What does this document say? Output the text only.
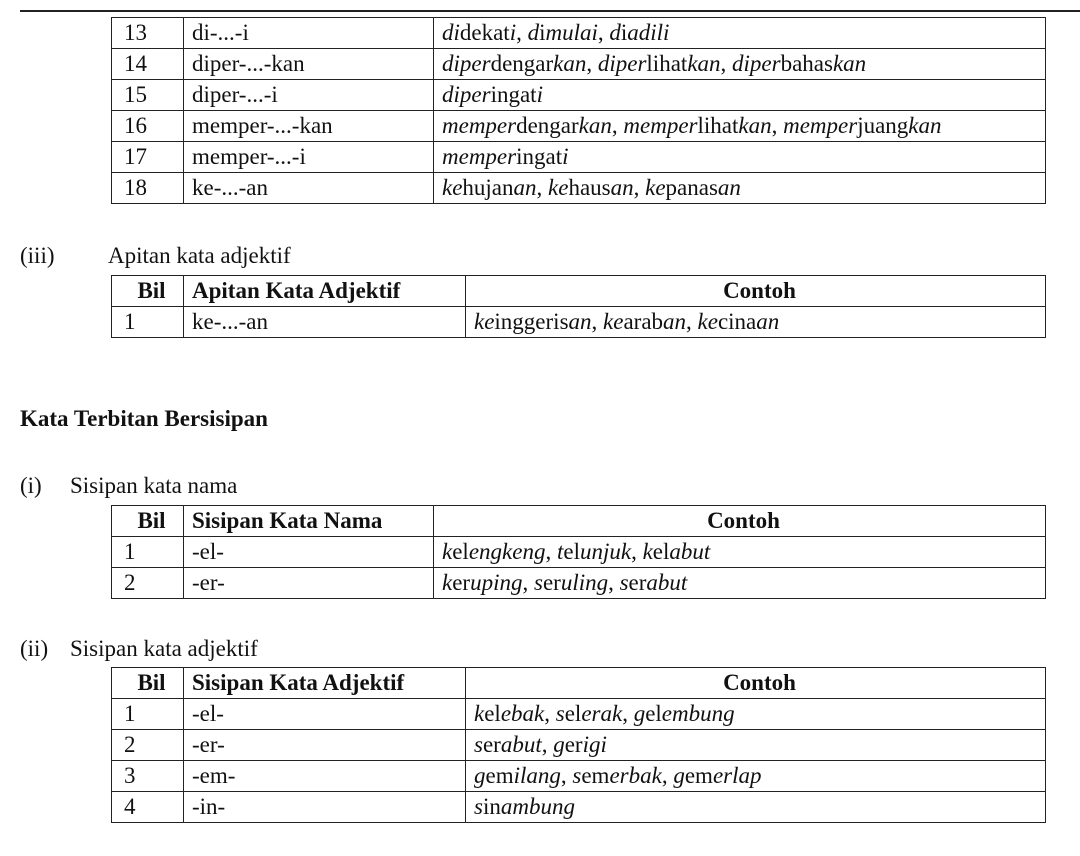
13	di-...-i	didekati, dimulai, diadili
14	diper-...-kan	diperdengarkan, diperlihatkan, diperbahaskan
15	diper-...-i	diperingati
16	memper-...-kan	memperdengarkan, memperlihatkan, memperjuangkan
17	memper-...-i	memperingati
18	ke-...-an	kehujanan, kehausan, kepanasan
(iii) Apitan kata adjektif
Bil	Apitan Kata Adjektif	Contoh
1	ke-...-an	keinggerisan, kearaban, kecinaan
Kata Terbitan Bersisipan
(i) Sisipan kata nama
Bil	Sisipan Kata Nama	Contoh
1	-el-	kelengkeng, telunjuk, kelabut
2	-er-	keruping, seruling, serabut
(ii) Sisipan kata adjektif
Bil	Sisipan Kata Adjektif	Contoh
1	-el-	kelebak, selerak, gelembung
2	-er-	serabut, gerigi
3	-em-	gemilang, semerbak, gemerlap
4	-in-	sinambung
